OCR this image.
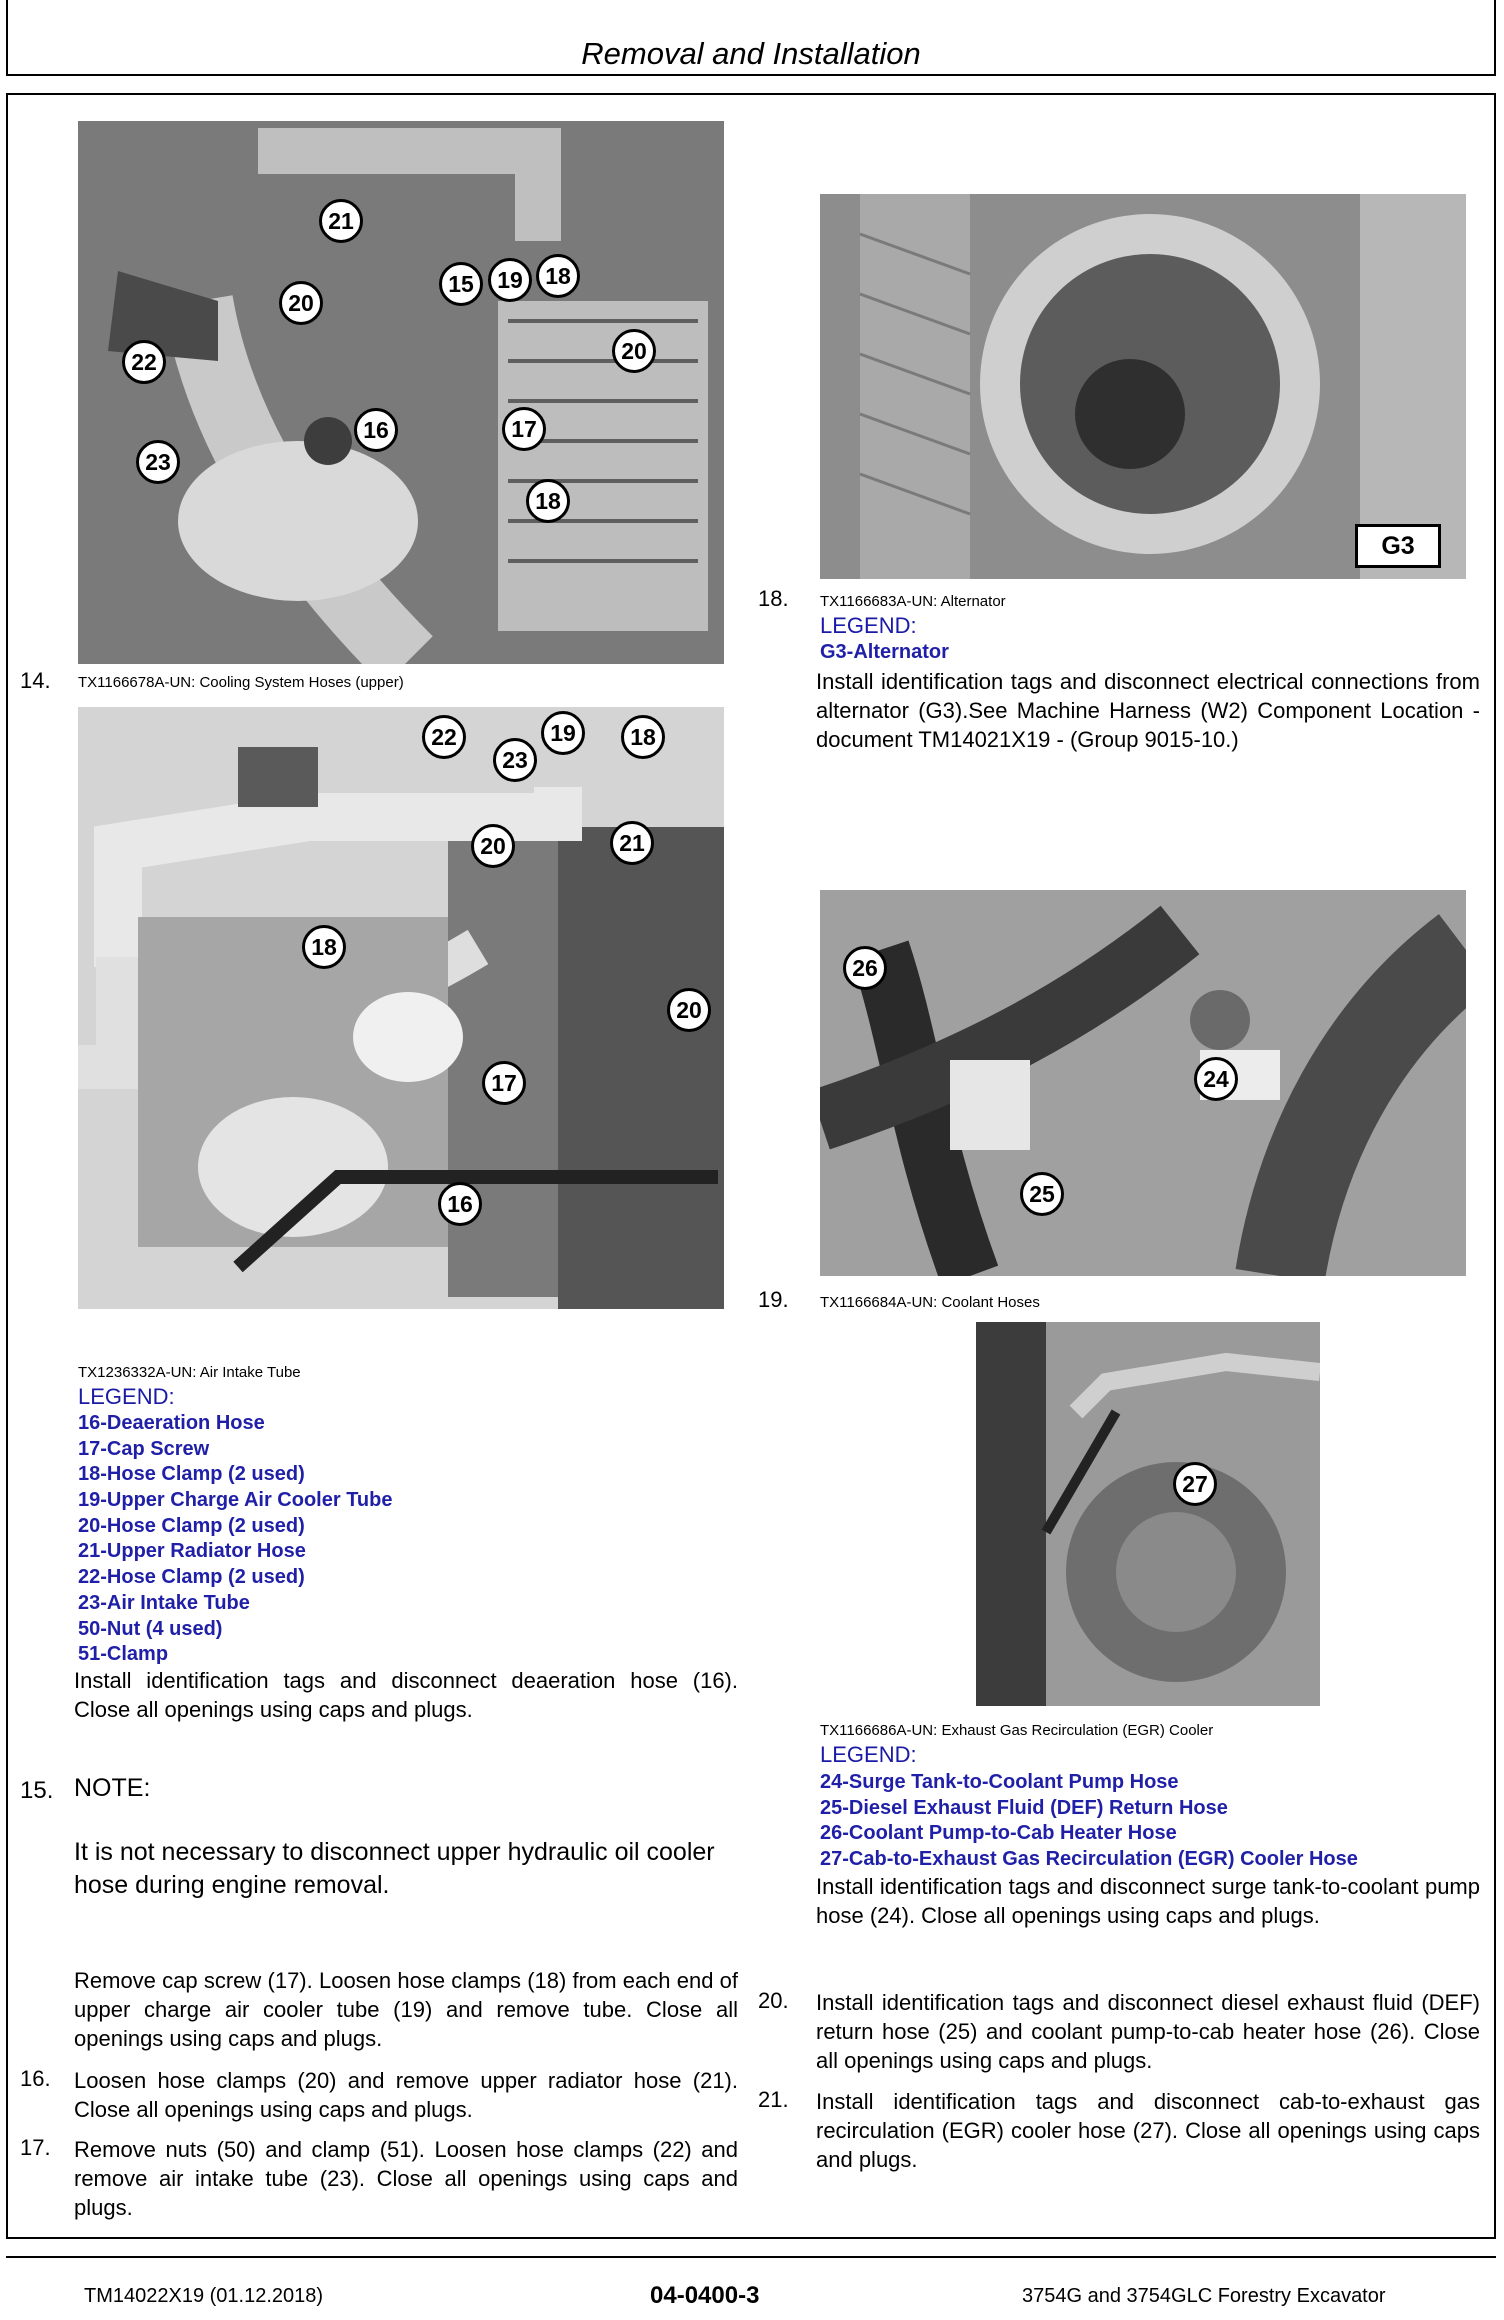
Removal and Installation
21
20
22
15	19 18
20
16	17
23
18
14. TX1166678A-UN: Cooling System Hoses (upper)
22	19	18
23
21
20
18
20
17
16
TX1236332A-UN: Air Intake Tube
LEGEND:
16-Deaeration Hose
17-Cap Screw
18-Hose Clamp (2 used)
19-Upper Charge Air Cooler Tube
20-Hose Clamp (2 used)
21-Upper Radiator Hose
22-Hose Clamp (2 used)
23-Air Intake Tube
50-Nut (4 used)
51-Clamp
Install identification tags and disconnect deaeration hose (16). Close all openings using caps and plugs.
15. NOTE:
It is not necessary to disconnect upper hydraulic oil cooler hose during engine removal.
Remove cap screw (17). Loosen hose clamps (18) from each end of upper charge air cooler tube (19) and remove tube. Close all openings using caps and plugs.
16. Loosen hose clamps (20) and remove upper radiator hose (21). Close all openings using caps and plugs.
17. Remove nuts (50) and clamp (51). Loosen hose clamps (22) and remove air intake tube (23). Close all openings using caps and plugs.
G3
18. TX1166683A-UN: Alternator
LEGEND:
G3-Alternator
Install identification tags and disconnect electrical connections from alternator (G3).See Machine Harness (W2) Component Location - document TM14021X19 - (Group 9015-10.)
26
24
25
19. TX1166684A-UN: Coolant Hoses
27
TX1166686A-UN: Exhaust Gas Recirculation (EGR) Cooler
LEGEND:
24-Surge Tank-to-Coolant Pump Hose
25-Diesel Exhaust Fluid (DEF) Return Hose
26-Coolant Pump-to-Cab Heater Hose
27-Cab-to-Exhaust Gas Recirculation (EGR) Cooler Hose
Install identification tags and disconnect surge tank-to-coolant pump hose (24). Close all openings using caps and plugs.
20. Install identification tags and disconnect diesel exhaust fluid (DEF) return hose (25) and coolant pump-to-cab heater hose (26). Close all openings using caps and plugs.
21. Install identification tags and disconnect cab-to-exhaust gas recirculation (EGR) cooler hose (27). Close all openings using caps and plugs.
TM14022X19 (01.12.2018)	04-0400-3	3754G and 3754GLC Forestry Excavator
